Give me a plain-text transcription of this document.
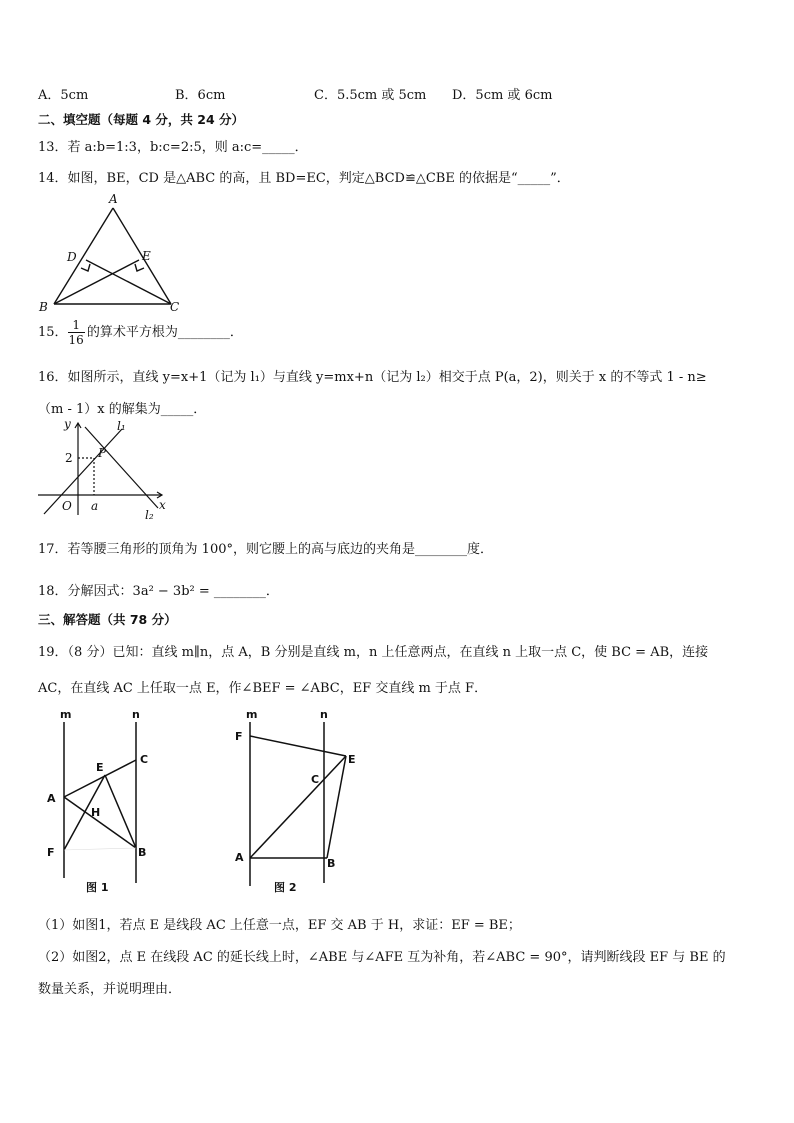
A．5cm	B．6cm	C．5.5cm 或 5cm D．5cm 或 6cm
二、填空题（每题 4 分，共 24 分）
13．若 a:b=1:3，b:c=2:5，则 a:c=_____．
14．如图，BE，CD 是△ABC 的高，且 BD=EC，判定△BCD≌△CBE 的依据是“_____”．
A
D	E
B	C
15． $\frac{1}{16}$ 的算术平方根为________．
16．如图所示，直线 y=x+1（记为 l₁）与直线 y=mx+n（记为 l₂）相交于点 P(a，2)，则关于 x 的不等式 1 - n≥
（m - 1）x 的解集为_____．
y
x
l₁
l₂
P
2
O a
17．若等腰三角形的顶角为 100°，则它腰上的高与底边的夹角是________度．
18．分解因式：3a² − 3b² = ________．
三、解答题（共 78 分）
19．（8 分）已知：直线 m∥n，点 A，B 分别是直线 m，n 上任意两点，在直线 n 上取一点 C，使 BC = AB，连接
AC，在直线 AC 上任取一点 E，作∠BEF = ∠ABC，EF 交直线 m 于点 F．
m	n
C
E
A
H
F	B
图 1
m	n
F
E
C
A	B
图 2
（1）如图1，若点 E 是线段 AC 上任意一点，EF 交 AB 于 H，求证：EF = BE；
（2）如图2，点 E 在线段 AC 的延长线上时，∠ABE 与∠AFE 互为补角，若∠ABC = 90°，请判断线段 EF 与 BE 的
数量关系，并说明理由．
